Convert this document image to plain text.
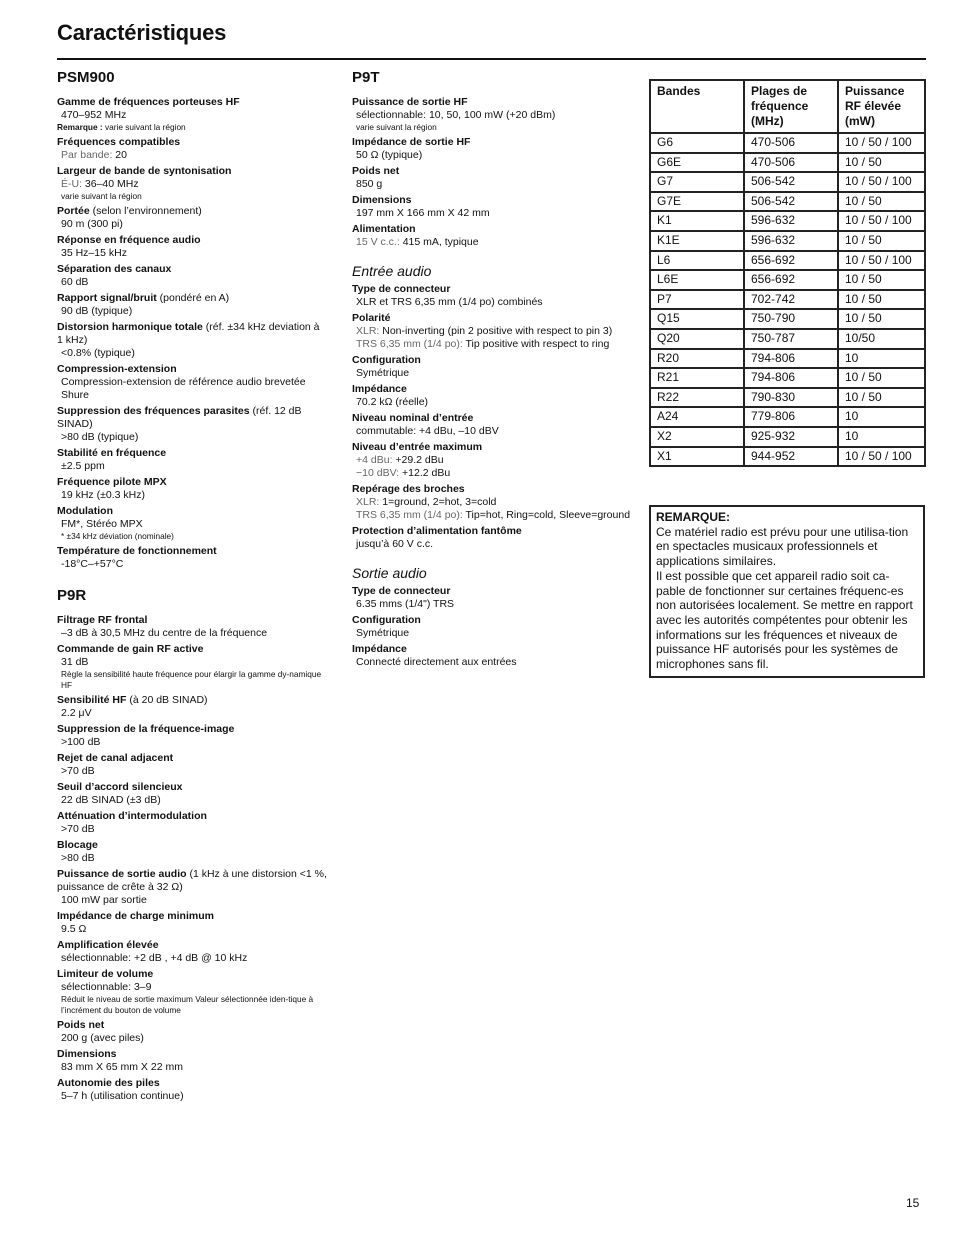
Caractéristiques
PSM900
Gamme de fréquences porteuses HF
470–952 MHz
Remarque : varie suivant la région
Fréquences compatibles
Par bande: 20
Largeur de bande de syntonisation
É-U: 36–40 MHz
varie suivant la région
Portée (selon l’environnement)
90 m (300 pi)
Réponse en fréquence audio
35 Hz–15 kHz
Séparation des canaux
60 dB
Rapport signal/bruit (pondéré en A)
90 dB (typique)
Distorsion harmonique totale (réf. ±34 kHz deviation à 1 kHz)
<0.8% (typique)
Compression-extension
Compression-extension de référence audio brevetée Shure
Suppression des fréquences parasites (réf. 12 dB SINAD)
>80 dB (typique)
Stabilité en fréquence
±2.5 ppm
Fréquence pilote MPX
19 kHz (±0.3 kHz)
Modulation
FM*, Stéréo MPX
* ±34 kHz déviation (nominale)
Température de fonctionnement
-18°C–+57°C
P9R
Filtrage RF frontal
–3 dB à 30,5 MHz du centre de la fréquence
Commande de gain RF active
31 dB
Règle la sensibilité haute fréquence pour élargir la gamme dy-namique HF
Sensibilité HF (à 20 dB SINAD)
2.2 μV
Suppression de la fréquence-image
>100 dB
Rejet de canal adjacent
>70 dB
Seuil d’accord silencieux
22 dB SINAD (±3 dB)
Atténuation d’intermodulation
>70 dB
Blocage
>80 dB
Puissance de sortie audio (1 kHz à une distorsion <1 %, puissance de crête à 32 Ω)
100 mW par sortie
Impédance de charge minimum
9.5 Ω
Amplification élevée
sélectionnable: +2 dB , +4 dB @ 10 kHz
Limiteur de volume
sélectionnable: 3–9
Réduit le niveau de sortie maximum Valeur sélectionnée iden-tique à l’incrément du bouton de volume
Poids net
200 g (avec piles)
Dimensions
83 mm X 65 mm X 22 mm
Autonomie des piles
5–7 h (utilisation continue)
P9T
Puissance de sortie HF
sélectionnable: 10, 50, 100 mW (+20 dBm)
varie suivant la région
Impédance de sortie HF
50 Ω (typique)
Poids net
850 g
Dimensions
197 mm X 166 mm X 42 mm
Alimentation
15 V c.c.: 415 mA, typique
Entrée audio
Type de connecteur
XLR et TRS 6,35 mm (1/4 po) combinés
Polarité
XLR: Non-inverting (pin 2 positive with respect to pin 3)
TRS 6,35 mm (1/4 po): Tip positive with respect to ring
Configuration
Symétrique
Impédance
70.2 kΩ (réelle)
Niveau nominal d’entrée
commutable: +4 dBu, –10 dBV
Niveau d’entrée maximum
+4 dBu: +29.2 dBu
−10 dBV: +12.2 dBu
Repérage des broches
XLR: 1=ground, 2=hot, 3=cold
TRS 6,35 mm (1/4 po): Tip=hot, Ring=cold, Sleeve=ground
Protection d’alimentation fantôme
jusqu’à 60 V c.c.
Sortie audio
Type de connecteur
6.35 mms (1/4") TRS
Configuration
Symétrique
Impédance
Connecté directement aux entrées
Bandes	Plages de fréquence (MHz)	Puissance RF élevée (mW)
G6	470-506	10 / 50 / 100
G6E	470-506	10 / 50
G7	506-542	10 / 50 / 100
G7E	506-542	10 / 50
K1	596-632	10 / 50 / 100
K1E	596-632	10 / 50
L6	656-692	10 / 50 / 100
L6E	656-692	10 / 50
P7	702-742	10 / 50
Q15	750-790	10 / 50
Q20	750-787	10/50
R20	794-806	10
R21	794-806	10 / 50
R22	790-830	10 / 50
A24	779-806	10
X2	925-932	10
X1	944-952	10 / 50 / 100
REMARQUE:

Ce matériel radio est prévu pour une utilisa-tion en spectacles musicaux professionnels et applications similaires.

Il est possible que cet appareil radio soit ca-pable de fonctionner sur certaines fréquenc-es non autorisées localement. Se mettre en rapport avec les autorités compétentes pour obtenir les informations sur les fréquences et niveaux de puissance HF autorisés pour les systèmes de microphones sans fil.

15
